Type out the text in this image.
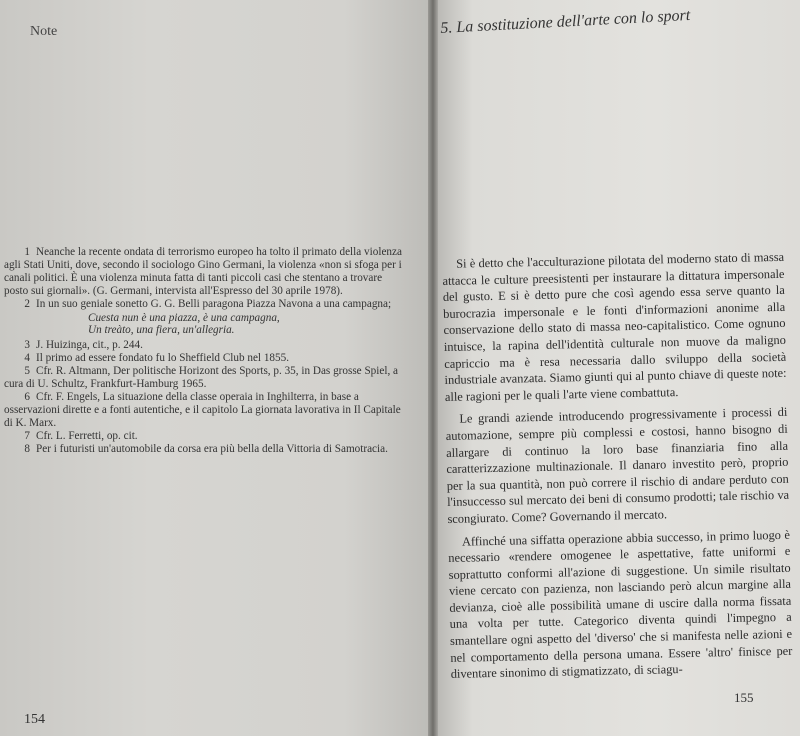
Note

1 Neanche la recente ondata di terrorismo europeo ha tolto il primato della violenza agli Stati Uniti, dove, secondo il sociologo Gino Germani, la violenza «non si sfoga per i canali politici. È una violenza minuta fatta di tanti piccoli casi che stentano a trovare posto sui giornali». (G. Germani, intervista all'Espresso del 30 aprile 1978).

2 In un suo geniale sonetto G. G. Belli paragona Piazza Navona a una campagna;

Cuesta nun è una piazza, è una campagna,
Un treàto, una fiera, un'allegria.

3 J. Huizinga, cit., p. 244.

4 Il primo ad essere fondato fu lo Sheffield Club nel 1855.

5 Cfr. R. Altmann, Der politische Horizont des Sports, p. 35, in Das grosse Spiel, a cura di U. Schultz, Frankfurt-Hamburg 1965.

6 Cfr. F. Engels, La situazione della classe operaia in Inghilterra, in base a osservazioni dirette e a fonti autentiche, e il capitolo La giornata lavorativa in Il Capitale di K. Marx.

7 Cfr. L. Ferretti, op. cit.

8 Per i futuristi un'automobile da corsa era più bella della Vittoria di Samotracia.

154
5. La sostituzione dell'arte con lo sport

Si è detto che l'acculturazione pilotata del moderno stato di massa attacca le culture preesistenti per instaurare la dittatura impersonale del gusto. E si è detto pure che così agendo essa serve quanto la burocrazia impersonale e le fonti d'informazioni anonime alla conservazione dello stato di massa neo-capitalistico. Come ognuno intuisce, la rapina dell'identità culturale non muove da maligno capriccio ma è resa necessaria dallo sviluppo della società industriale avanzata. Siamo giunti qui al punto chiave di queste note: alle ragioni per le quali l'arte viene combattuta.

Le grandi aziende introducendo progressivamente i processi di automazione, sempre più complessi e costosi, hanno bisogno di allargare di continuo la loro base finanziaria fino alla caratterizzazione multinazionale. Il danaro investito però, proprio per la sua quantità, non può correre il rischio di andare perduto con l'insuccesso sul mercato dei beni di consumo prodotti; tale rischio va scongiurato. Come? Governando il mercato.

Affinché una siffatta operazione abbia successo, in primo luogo è necessario «rendere omogenee le aspettative, fatte uniformi e soprattutto conformi all'azione di suggestione. Un simile risultato viene cercato con pazienza, non lasciando però alcun margine alla devianza, cioè alle possibilità umane di uscire dalla norma fissata una volta per tutte. Categorico diventa quindi l'impegno a smantellare ogni aspetto del 'diverso' che si manifesta nelle azioni e nel comportamento della persona umana. Essere 'altro' finisce per diventare sinonimo di stigmatizzato, di sciagu-

155
